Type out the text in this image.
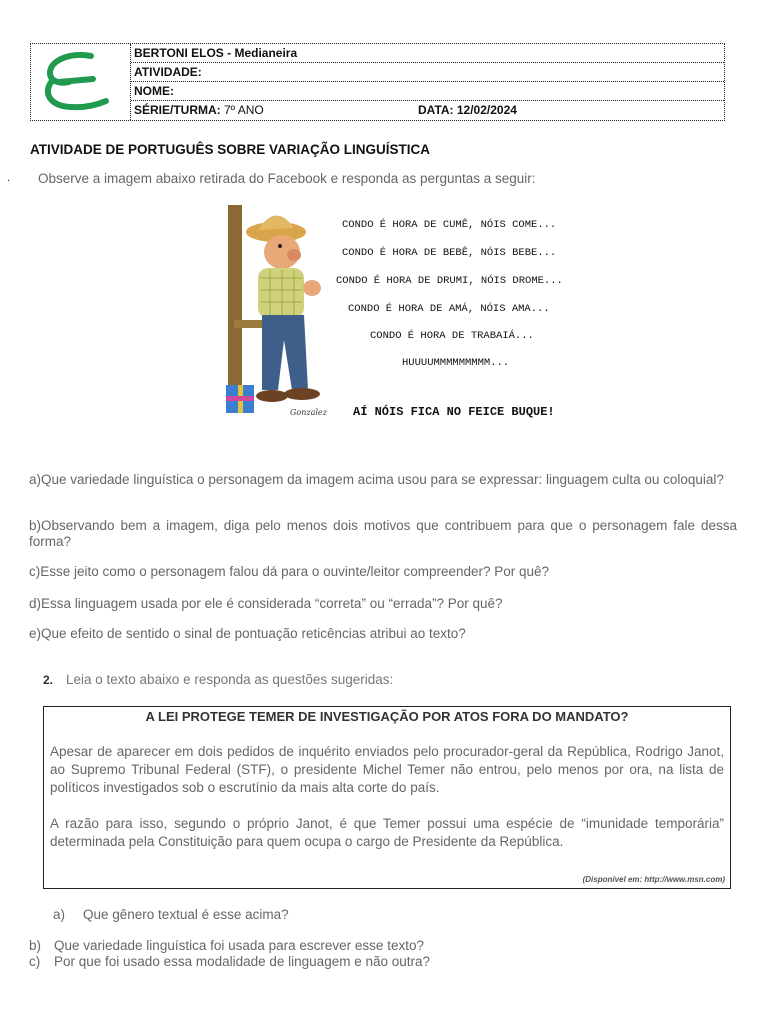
BERTONI ELOS - Medianeira
ATIVIDADE:
NOME:
SÉRIE/TURMA: 7º ANO	DATA: 12/02/2024
ATIVIDADE DE PORTUGUÊS SOBRE VARIAÇÃO LINGUÍSTICA
. Observe a imagem abaixo retirada do Facebook e responda as perguntas a seguir:
CONDO É HORA DE CUMÊ, NÓIS COME...
CONDO É HORA DE BEBÊ, NÓIS BEBE...
CONDO É HORA DE DRUMI, NÓIS DROME...
CONDO É HORA DE AMÁ, NÓIS AMA...
CONDO É HORA DE TRABAIÁ...
HUUUUMMMMMMMMM...
Gonzalez AÍ NÓIS FICA NO FEICE BUQUE!
a)Que variedade linguística o personagem da imagem acima usou para se expressar: linguagem culta ou coloquial?
b)Observando bem a imagem, diga pelo menos dois motivos que contribuem para que o personagem fale dessa forma?
c)Esse jeito como o personagem falou dá para o ouvinte/leitor compreender? Por quê?
d)Essa linguagem usada por ele é considerada “correta” ou “errada”? Por quê?
e)Que efeito de sentido o sinal de pontuação reticências atribui ao texto?
2. Leia o texto abaixo e responda as questões sugeridas:
A LEI PROTEGE TEMER DE INVESTIGAÇÃO POR ATOS FORA DO MANDATO?
Apesar de aparecer em dois pedidos de inquérito enviados pelo procurador-geral da República, Rodrigo Janot, ao Supremo Tribunal Federal (STF), o presidente Michel Temer não entrou, pelo menos por ora, na lista de políticos investigados sob o escrutínio da mais alta corte do país.
A razão para isso, segundo o próprio Janot, é que Temer possui uma espécie de “imunidade temporária” determinada pela Constituição para quem ocupa o cargo de Presidente da República.
(Disponível em: http://www.msn.com)
a) Que gênero textual é esse acima?
b) Que variedade linguística foi usada para escrever esse texto?
c) Por que foi usado essa modalidade de linguagem e não outra?
